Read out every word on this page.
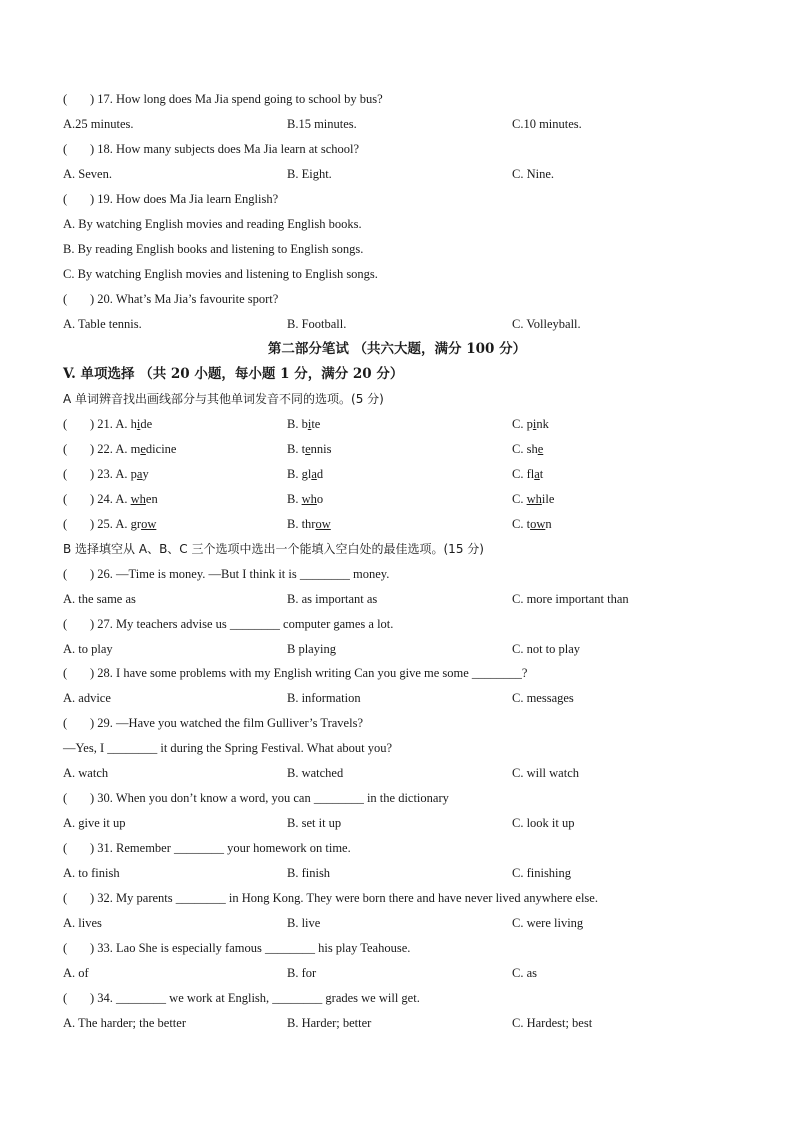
( ) 17. How long does Ma Jia spend going to school by bus?
A.25 minutes.	B.15 minutes.	C.10 minutes.
( ) 18. How many subjects does Ma Jia learn at school?
A. Seven.	B. Eight.	C. Nine.
( ) 19. How does Ma Jia learn English?
A. By watching English movies and reading English books.
B. By reading English books and listening to English songs.
C. By watching English movies and listening to English songs.
( ) 20. What’s Ma Jia’s favourite sport?
A. Table tennis.	B. Football.	C. Volleyball.
第二部分笔试 （共六大题，满分 100 分）
V. 单项选择 （共 20 小题，每小题 1 分，满分 20 分）
A 单词辨音找出画线部分与其他单词发音不同的选项。(5 分)
( ) 21. A. hide	B. bite	C. pink
( ) 22. A. medicine	B. tennis	C. she
( ) 23. A. pay	B. glad	C. flat
( ) 24. A. when	B. who	C. while
( ) 25. A. grow	B. throw	C. town
B 选择填空从 A、B、C 三个选项中选出一个能填入空白处的最佳选项。(15 分)
( ) 26. —Time is money. —But I think it is ________ money.
A. the same as	B. as important as	C. more important than
( ) 27. My teachers advise us ________ computer games a lot.
A. to play	B playing	C. not to play
( ) 28. I have some problems with my English writing Can you give me some ________?
A. advice	B. information	C. messages
( ) 29. —Have you watched the film Gulliver’s Travels?
—Yes, I ________ it during the Spring Festival. What about you?
A. watch	B. watched	C. will watch
( ) 30. When you don’t know a word, you can ________ in the dictionary
A. give it up	B. set it up	C. look it up
( ) 31. Remember ________ your homework on time.
A. to finish	B. finish	C. finishing
( ) 32. My parents ________ in Hong Kong. They were born there and have never lived anywhere else.
A. lives	B. live	C. were living
( ) 33. Lao She is especially famous ________ his play Teahouse.
A. of	B. for	C. as
( ) 34. ________ we work at English, ________ grades we will get.
A. The harder; the better	B. Harder; better	C. Hardest; best
